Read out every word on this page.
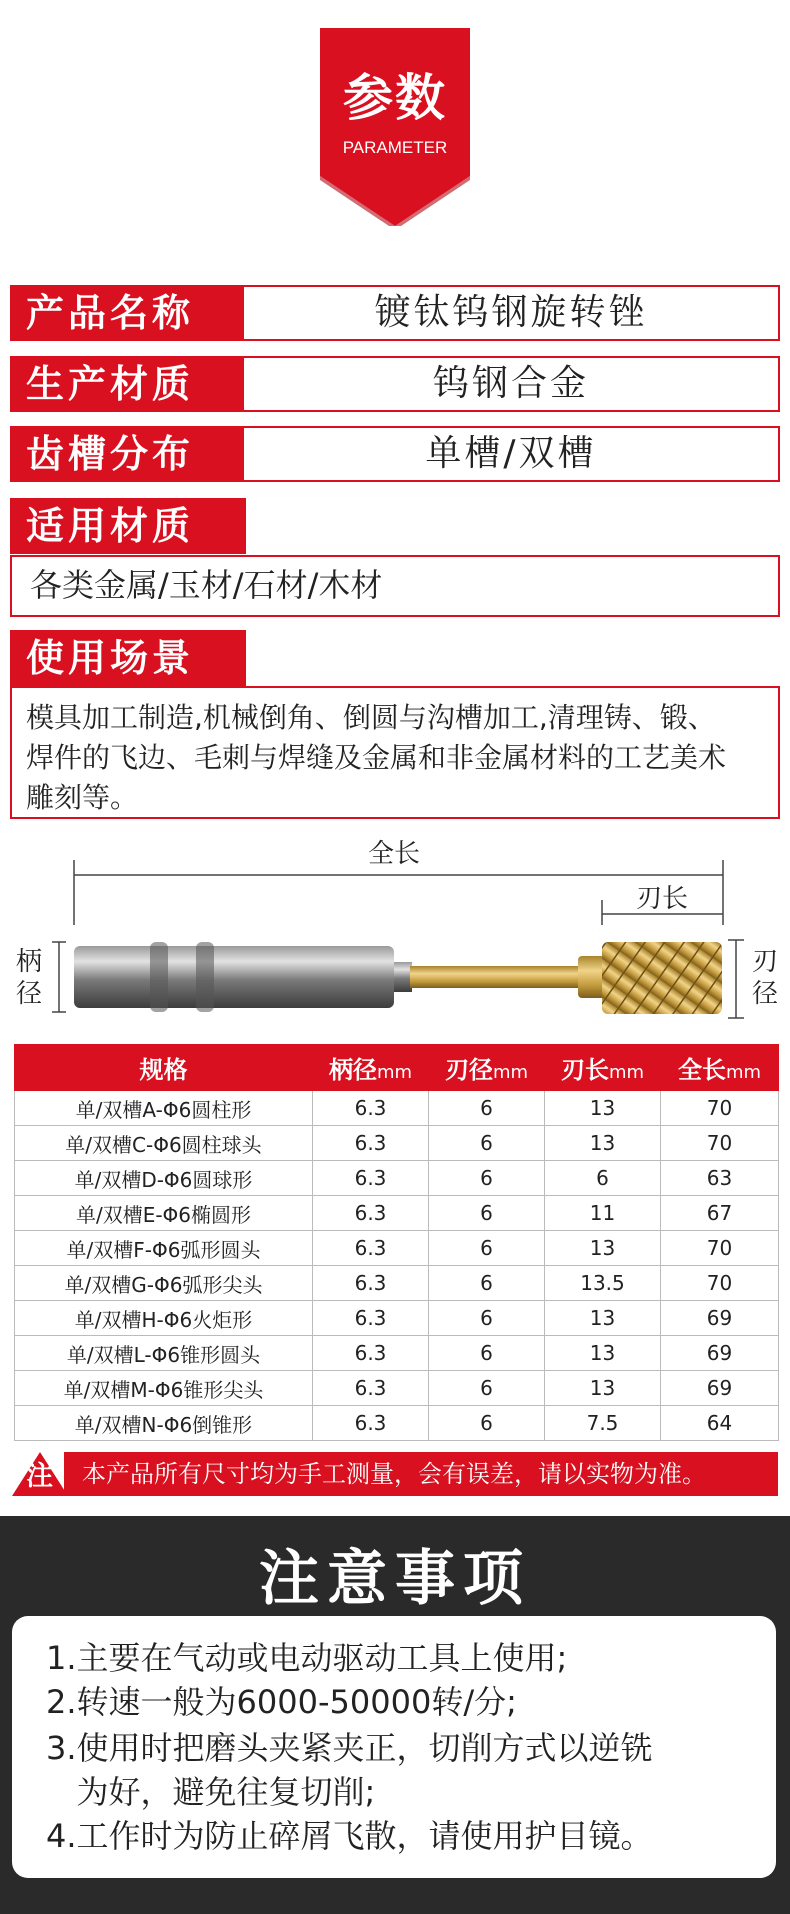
参数
PARAMETER
产品名称	镀钛钨钢旋转锉
生产材质	钨钢合金
齿槽分布	单槽/双槽
适用材质
各类金属/玉材/石材/木材
使用场景
模具加工制造,机械倒角、倒圆与沟槽加工,清理铸、锻、
焊件的飞边、毛刺与焊缝及金属和非金属材料的工艺美术
雕刻等。
全长
刃长
柄径
刃径
规格	柄径mm	刃径mm	刃长mm	全长mm
单/双槽A-Φ6圆柱形	6.3	6	13	70
单/双槽C-Φ6圆柱球头	6.3	6	13	70
单/双槽D-Φ6圆球形	6.3	6	6	63
单/双槽E-Φ6椭圆形	6.3	6	11	67
单/双槽F-Φ6弧形圆头	6.3	6	13	70
单/双槽G-Φ6弧形尖头	6.3	6	13.5	70
单/双槽H-Φ6火炬形	6.3	6	13	69
单/双槽L-Φ6锥形圆头	6.3	6	13	69
单/双槽M-Φ6锥形尖头	6.3	6	13	69
单/双槽N-Φ6倒锥形	6.3	6	7.5	64
注 本产品所有尺寸均为手工测量，会有误差，请以实物为准。
注意事项
1.主要在气动或电动驱动工具上使用;
2.转速一般为6000-50000转/分;
3.使用时把磨头夹紧夹正，切削方式以逆铣
为好，避免往复切削;
4.工作时为防止碎屑飞散，请使用护目镜。
